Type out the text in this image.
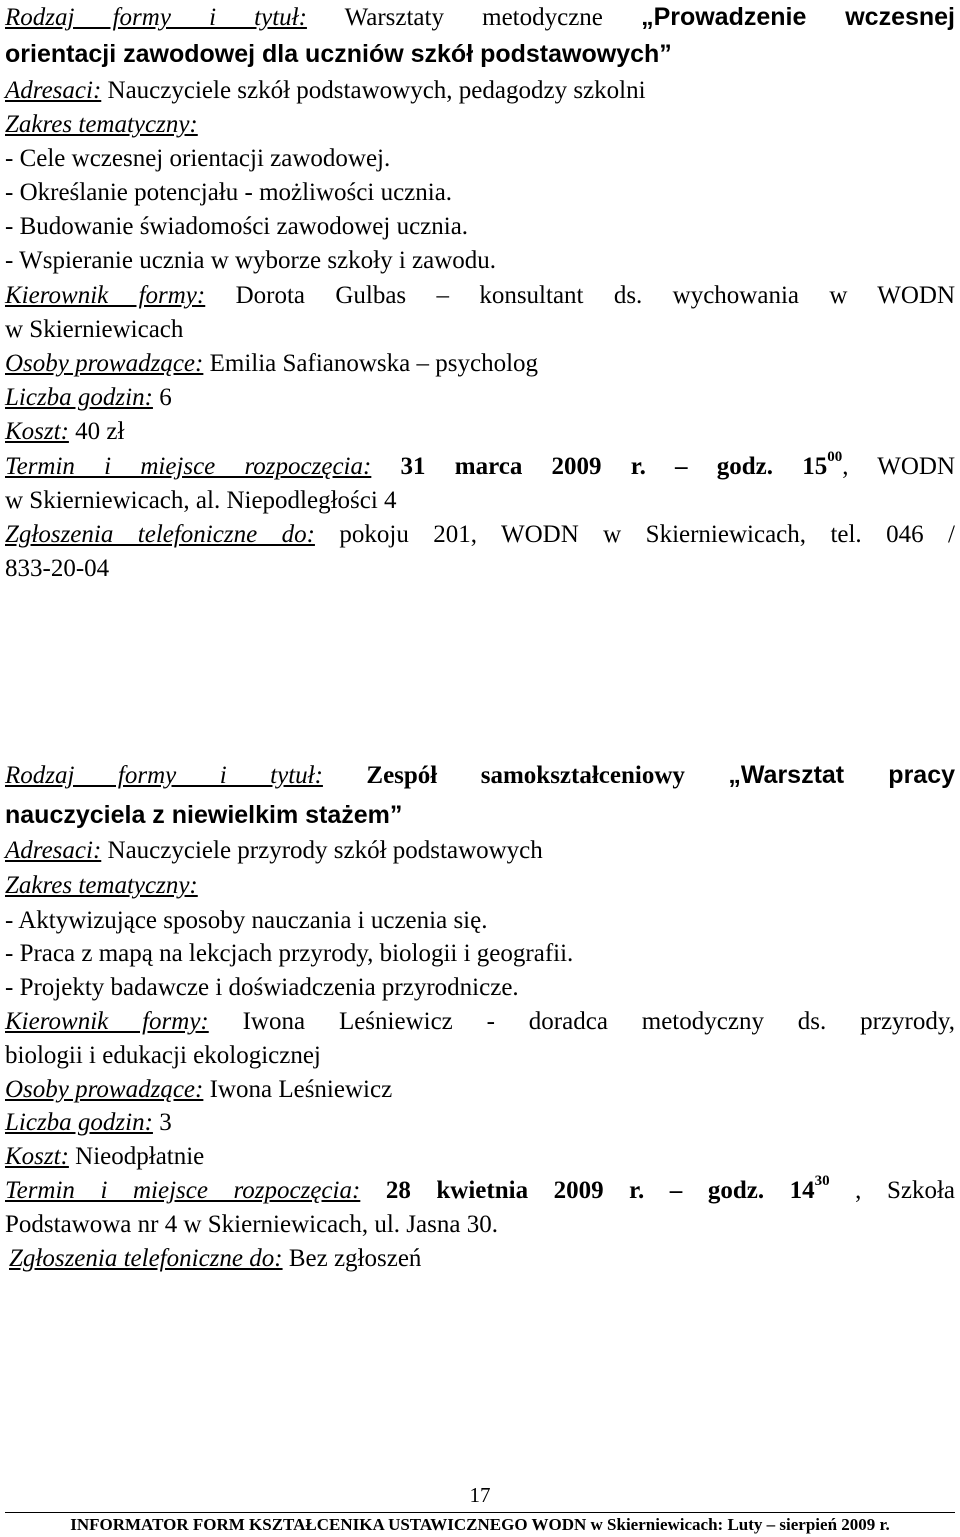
Rodzaj formy i tytuł: Warsztaty metodyczne „Prowadzenie wczesnej
orientacji zawodowej dla uczniów szkół podstawowych”
Adresaci: Nauczyciele szkół podstawowych, pedagodzy szkolni
Zakres tematyczny:
- Cele wczesnej orientacji zawodowej.
- Określanie potencjału - możliwości ucznia.
- Budowanie świadomości zawodowej ucznia.
- Wspieranie ucznia w wyborze szkoły i zawodu.
Kierownik formy: Dorota Gulbas – konsultant ds. wychowania w WODN
w Skierniewicach
Osoby prowadzące: Emilia Safianowska – psycholog
Liczba godzin: 6
Koszt: 40 zł
Termin i miejsce rozpoczęcia: 31 marca 2009 r. – godz. $15^{00}$, WODN
w Skierniewicach, al. Niepodległości 4
Zgłoszenia telefoniczne do: pokoju 201, WODN w Skierniewicach, tel. 046 /
833-20-04
Rodzaj formy i tytuł: Zespół samokształceniowy „Warsztat pracy
nauczyciela z niewielkim stażem”
Adresaci: Nauczyciele przyrody szkół podstawowych
Zakres tematyczny:
- Aktywizujące sposoby nauczania i uczenia się.
- Praca z mapą na lekcjach przyrody, biologii i geografii.
- Projekty badawcze i doświadczenia przyrodnicze.
Kierownik formy: Iwona Leśniewicz - doradca metodyczny ds. przyrody,
biologii i edukacji ekologicznej
Osoby prowadzące: Iwona Leśniewicz
Liczba godzin: 3
Koszt: Nieodpłatnie
Termin i miejsce rozpoczęcia: 28 kwietnia 2009 r. – godz. $14^{30}$ , Szkoła
Podstawowa nr 4 w Skierniewicach, ul. Jasna 30.
Zgłoszenia telefoniczne do: Bez zgłoszeń
17
INFORMATOR FORM KSZTAŁCENIKA USTAWICZNEGO WODN w Skierniewicach: Luty – sierpień 2009 r.
